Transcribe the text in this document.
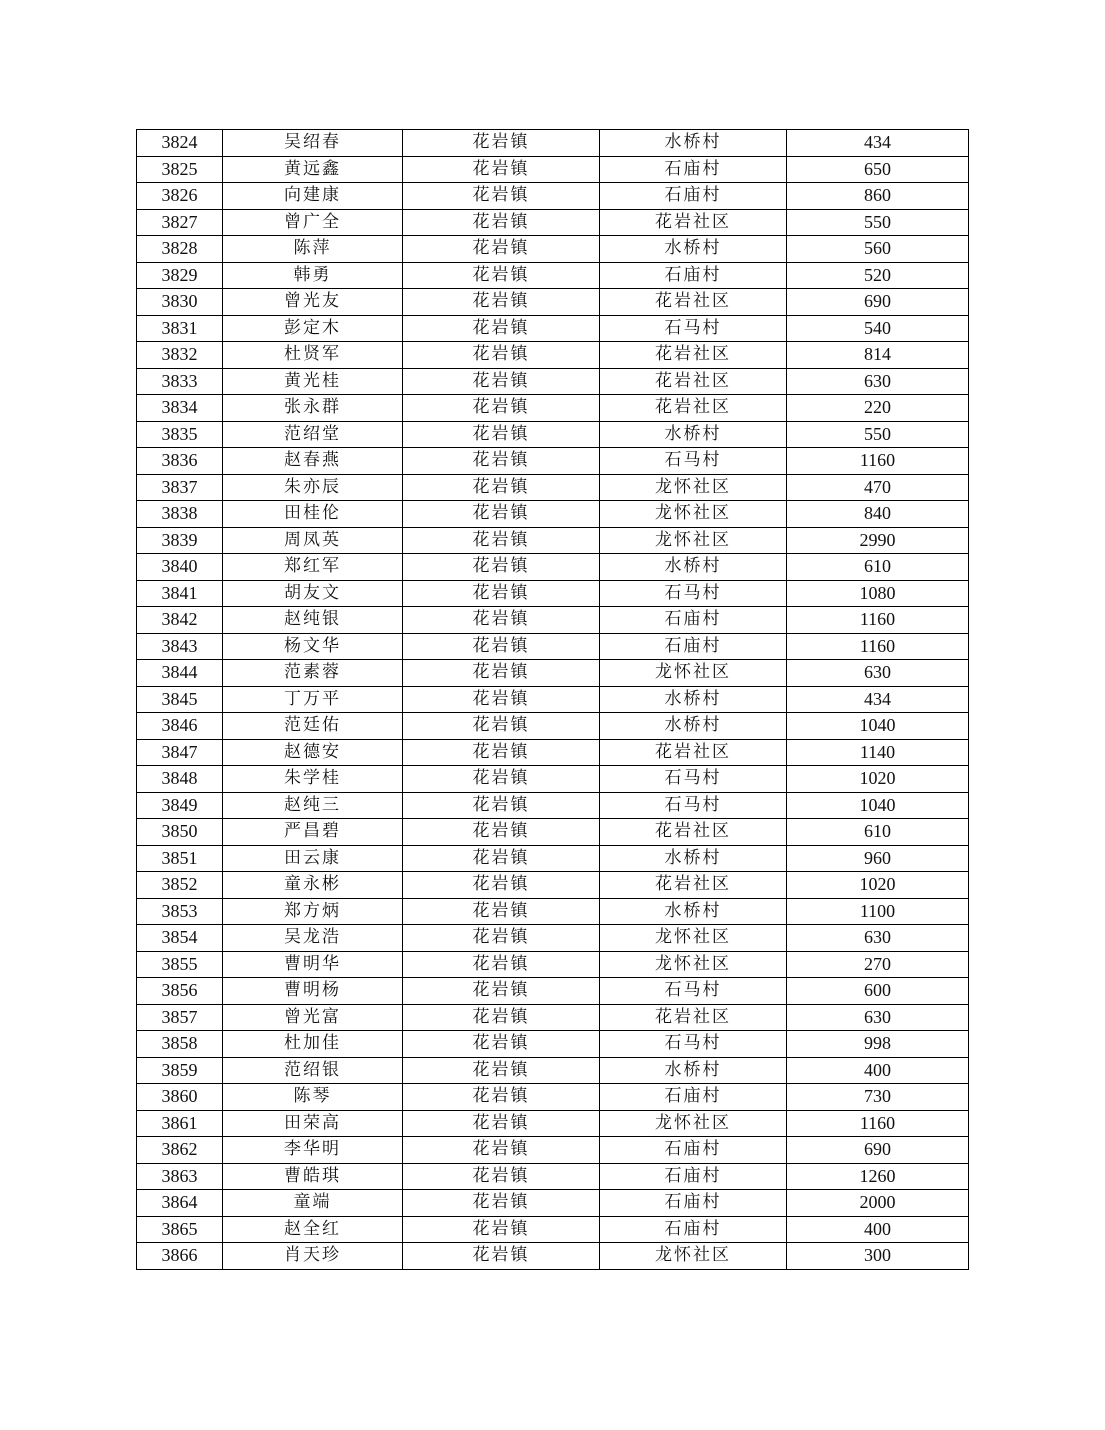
3824	吴绍春	花岩镇	水桥村	434
3825	黄远鑫	花岩镇	石庙村	650
3826	向建康	花岩镇	石庙村	860
3827	曾广全	花岩镇	花岩社区	550
3828	陈萍	花岩镇	水桥村	560
3829	韩勇	花岩镇	石庙村	520
3830	曾光友	花岩镇	花岩社区	690
3831	彭定木	花岩镇	石马村	540
3832	杜贤军	花岩镇	花岩社区	814
3833	黄光桂	花岩镇	花岩社区	630
3834	张永群	花岩镇	花岩社区	220
3835	范绍堂	花岩镇	水桥村	550
3836	赵春燕	花岩镇	石马村	1160
3837	朱亦辰	花岩镇	龙怀社区	470
3838	田桂伦	花岩镇	龙怀社区	840
3839	周凤英	花岩镇	龙怀社区	2990
3840	郑红军	花岩镇	水桥村	610
3841	胡友文	花岩镇	石马村	1080
3842	赵纯银	花岩镇	石庙村	1160
3843	杨文华	花岩镇	石庙村	1160
3844	范素蓉	花岩镇	龙怀社区	630
3845	丁万平	花岩镇	水桥村	434
3846	范廷佑	花岩镇	水桥村	1040
3847	赵德安	花岩镇	花岩社区	1140
3848	朱学桂	花岩镇	石马村	1020
3849	赵纯三	花岩镇	石马村	1040
3850	严昌碧	花岩镇	花岩社区	610
3851	田云康	花岩镇	水桥村	960
3852	童永彬	花岩镇	花岩社区	1020
3853	郑方炳	花岩镇	水桥村	1100
3854	吴龙浩	花岩镇	龙怀社区	630
3855	曹明华	花岩镇	龙怀社区	270
3856	曹明杨	花岩镇	石马村	600
3857	曾光富	花岩镇	花岩社区	630
3858	杜加佳	花岩镇	石马村	998
3859	范绍银	花岩镇	水桥村	400
3860	陈琴	花岩镇	石庙村	730
3861	田荣高	花岩镇	龙怀社区	1160
3862	李华明	花岩镇	石庙村	690
3863	曹皓琪	花岩镇	石庙村	1260
3864	童端	花岩镇	石庙村	2000
3865	赵全红	花岩镇	石庙村	400
3866	肖天珍	花岩镇	龙怀社区	300
